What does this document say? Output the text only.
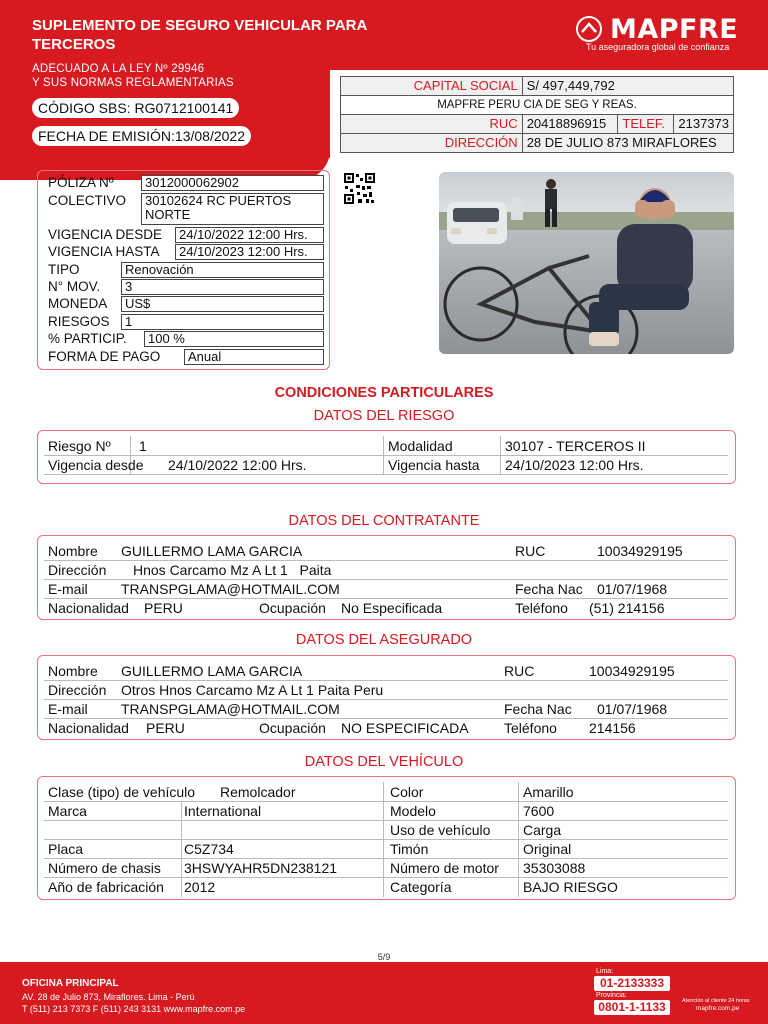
SUPLEMENTO DE SEGURO VEHICULAR PARA TERCEROS
ADECUADO A LA LEY Nº 29946
Y SUS NORMAS REGLAMENTARIAS
CÓDIGO SBS: RG0712100141
FECHA DE EMISIÓN:13/08/2022
MAPFRE
Tu aseguradora global de confianza
CAPITAL SOCIAL	S/ 497,449,792		
MAPFRE PERU CIA DE SEG Y REAS.			
RUC	20418896915	TELEF.	2137373
DIRECCIÓN	28 DE JULIO 873 MIRAFLORES		
PÓLIZA Nº	3012000062902
COLECTIVO 30102624 RC PUERTOS
NORTE
VIGENCIA DESDE	24/10/2022 12:00 Hrs.
VIGENCIA HASTA	24/10/2023 12:00 Hrs.
TIPO	Renovación
N° MOV.	3
MONEDA	US$
RIESGOS	1
% PARTICIP.	100 %
FORMA DE PAGO	Anual
CONDICIONES PARTICULARES
DATOS DEL RIESGO
Riesgo Nº 1	Modalidad	30107 - TERCEROS II
Vigencia desde 24/10/2022 12:00 Hrs.	Vigencia hasta 24/10/2023 12:00 Hrs.
DATOS DEL CONTRATANTE
Nombre GUILLERMO LAMA GARCIA	RUC	10034929195
Dirección Hnos Carcamo Mz A Lt 1   Paita
E-mail TRANSPGLAMA@HOTMAIL.COM	Fecha Nac 01/07/1968
Nacionalidad PERU	Ocupación No Especificada	Teléfono (51) 214156
DATOS DEL ASEGURADO
Nombre GUILLERMO LAMA GARCIA	RUC	10034929195
Dirección Otros Hnos Carcamo Mz A Lt 1 Paita Peru
E-mail TRANSPGLAMA@HOTMAIL.COM	Fecha Nac 01/07/1968
Nacionalidad PERU	Ocupación NO ESPECIFICADA	Teléfono 214156
DATOS DEL VEHÍCULO
Clase (tipo) de vehículo Remolcador	Color	Amarillo
Marca	International	Modelo	7600
Uso de vehículo Carga
Placa	C5Z734	Timón	Original
Número de chasis 3HSWYAHR5DN238121	Número de motor 35303088
Año de fabricación 2012	Categoría	BAJO RIESGO
5/9
OFICINA PRINCIPAL
AV. 28 de Julio 873, Miraflores. Lima - Perú
T (511) 213 7373 F (511) 243 3131 www.mapfre.com.pe
Lima:
01-2133333
Provincia:
0801-1-1133	Atención al cliente 24 horas
mapfre.com.pe
